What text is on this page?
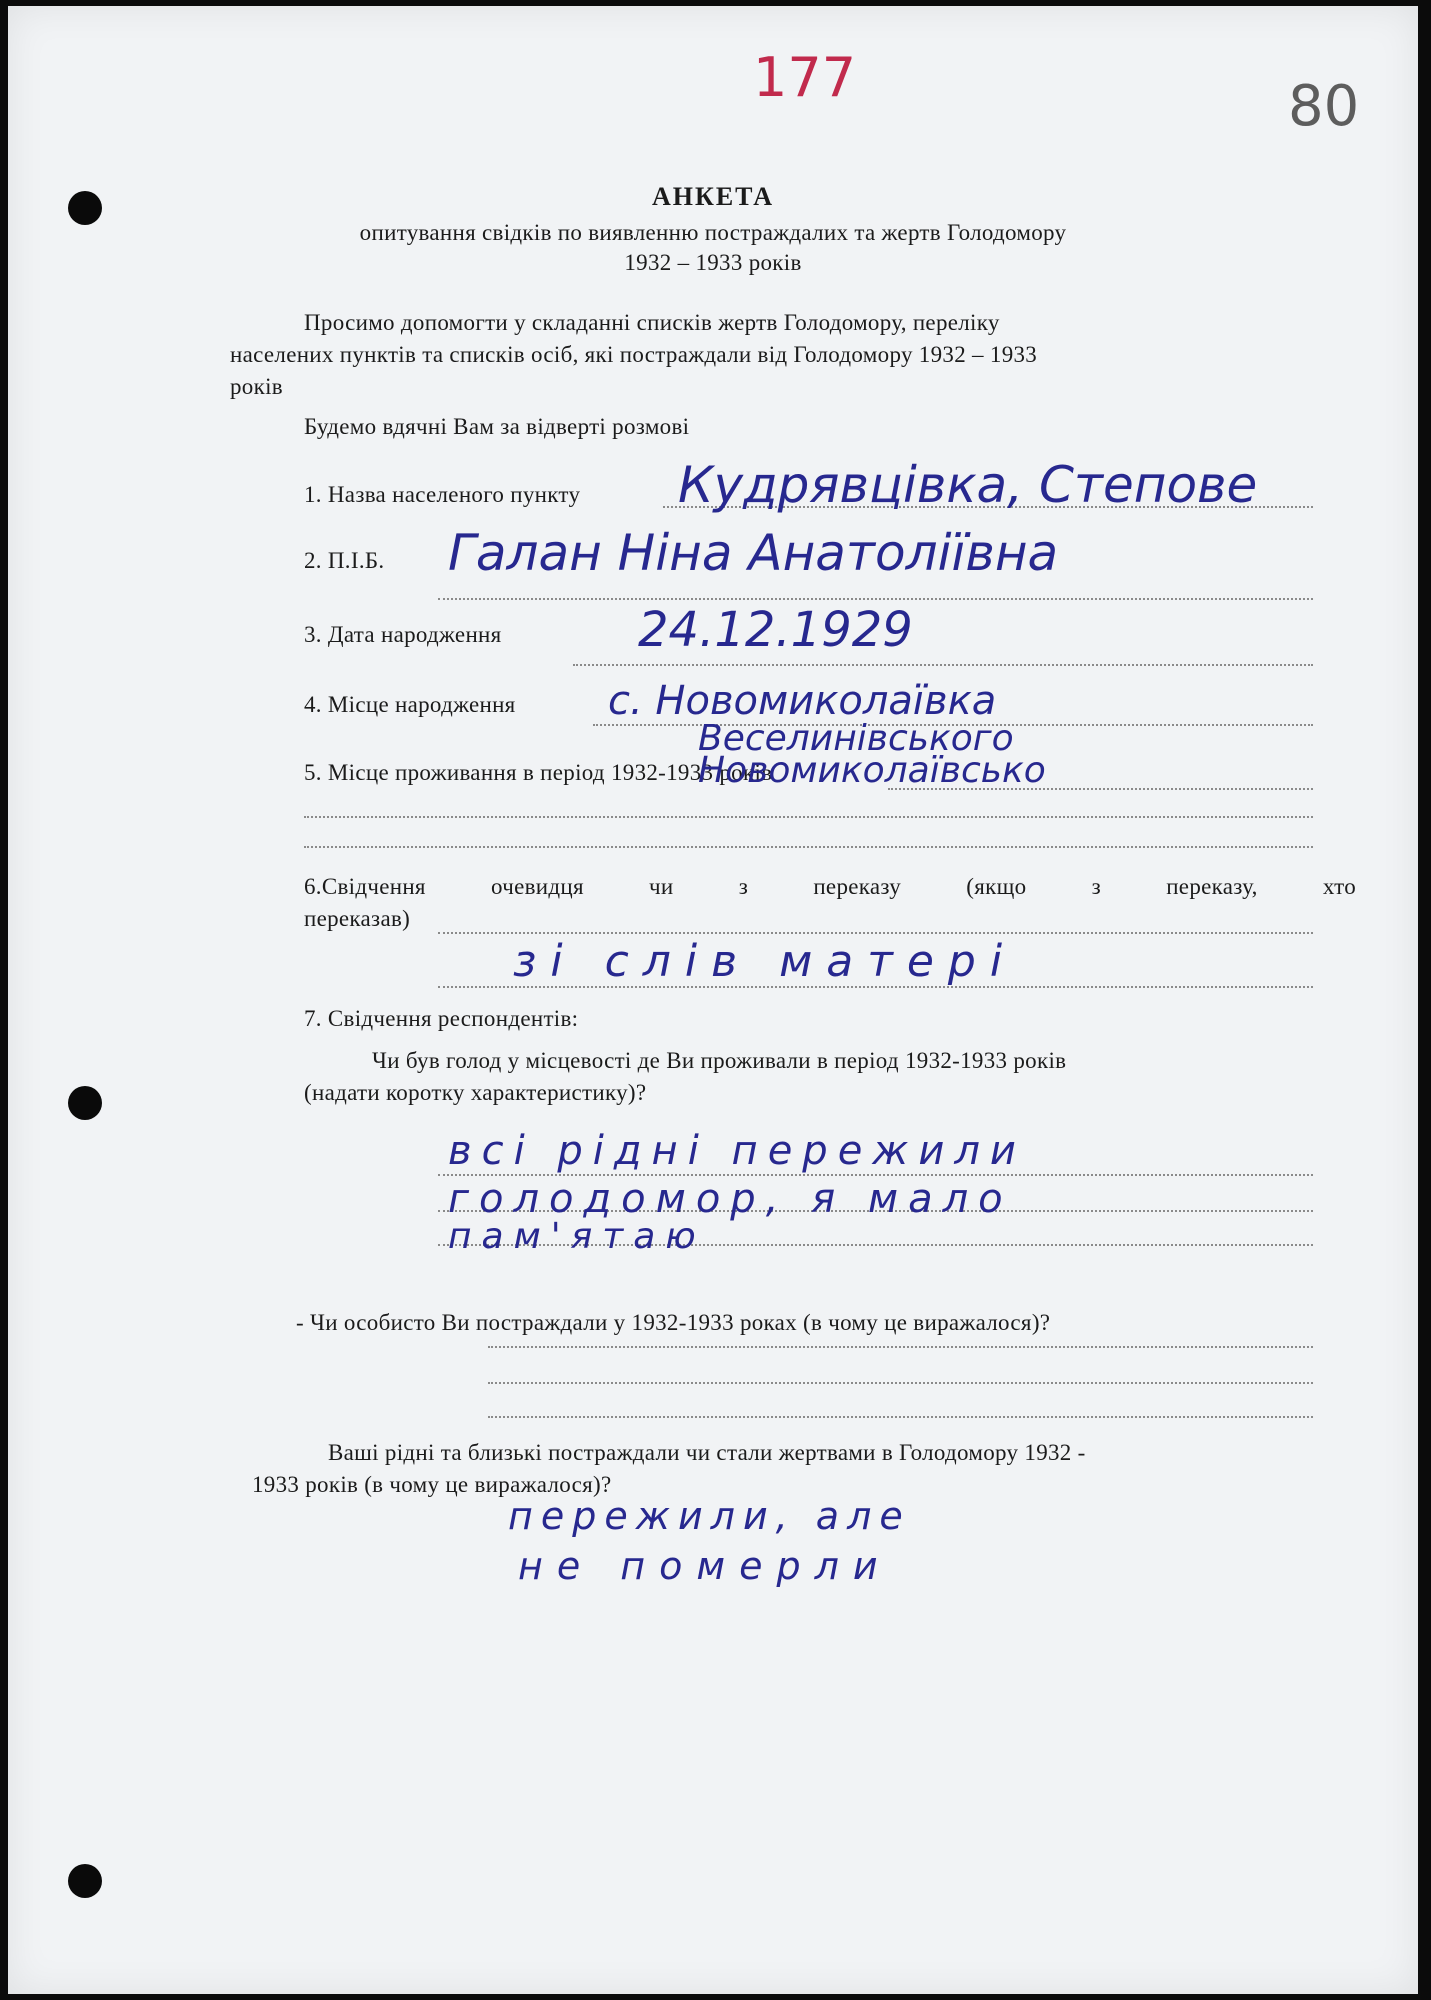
177	80
АНКЕТА
опитування свідків по виявленню постраждалих та жертв Голодомору
1932 – 1933 років
Просимо допомогти у складанні списків жертв Голодомору, переліку
населених пунктів та списків осіб, які постраждали від Голодомору 1932 – 1933
років
Будемо вдячні Вам за відверті розмові
1. Назва населеного пункту Кудрявцівка, Степове
2. П.І.Б. Галан Ніна Анатоліївна
3. Дата народження	24.12.1929
4. Місце народження с. Новомиколаївка
Веселинівського
5. Місце проживання в період 1932-1933 років
Новомиколаївсько
6.Свідчення очевидця чи з переказу (якщо з переказу, хто
переказав)
зі слів матері
7. Свідчення респондентів:
Чи був голод у місцевості де Ви проживали в період 1932-1933 років
(надати коротку характеристику)?
всі рідні пережили
голодомор, я мало
пам'ятаю
- Чи особисто Ви постраждали у 1932-1933 роках (в чому це виражалося)?
Ваші рідні та близькі постраждали чи стали жертвами в Голодомору 1932 -
1933 років (в чому це виражалося)?
пережили, але
не померли
